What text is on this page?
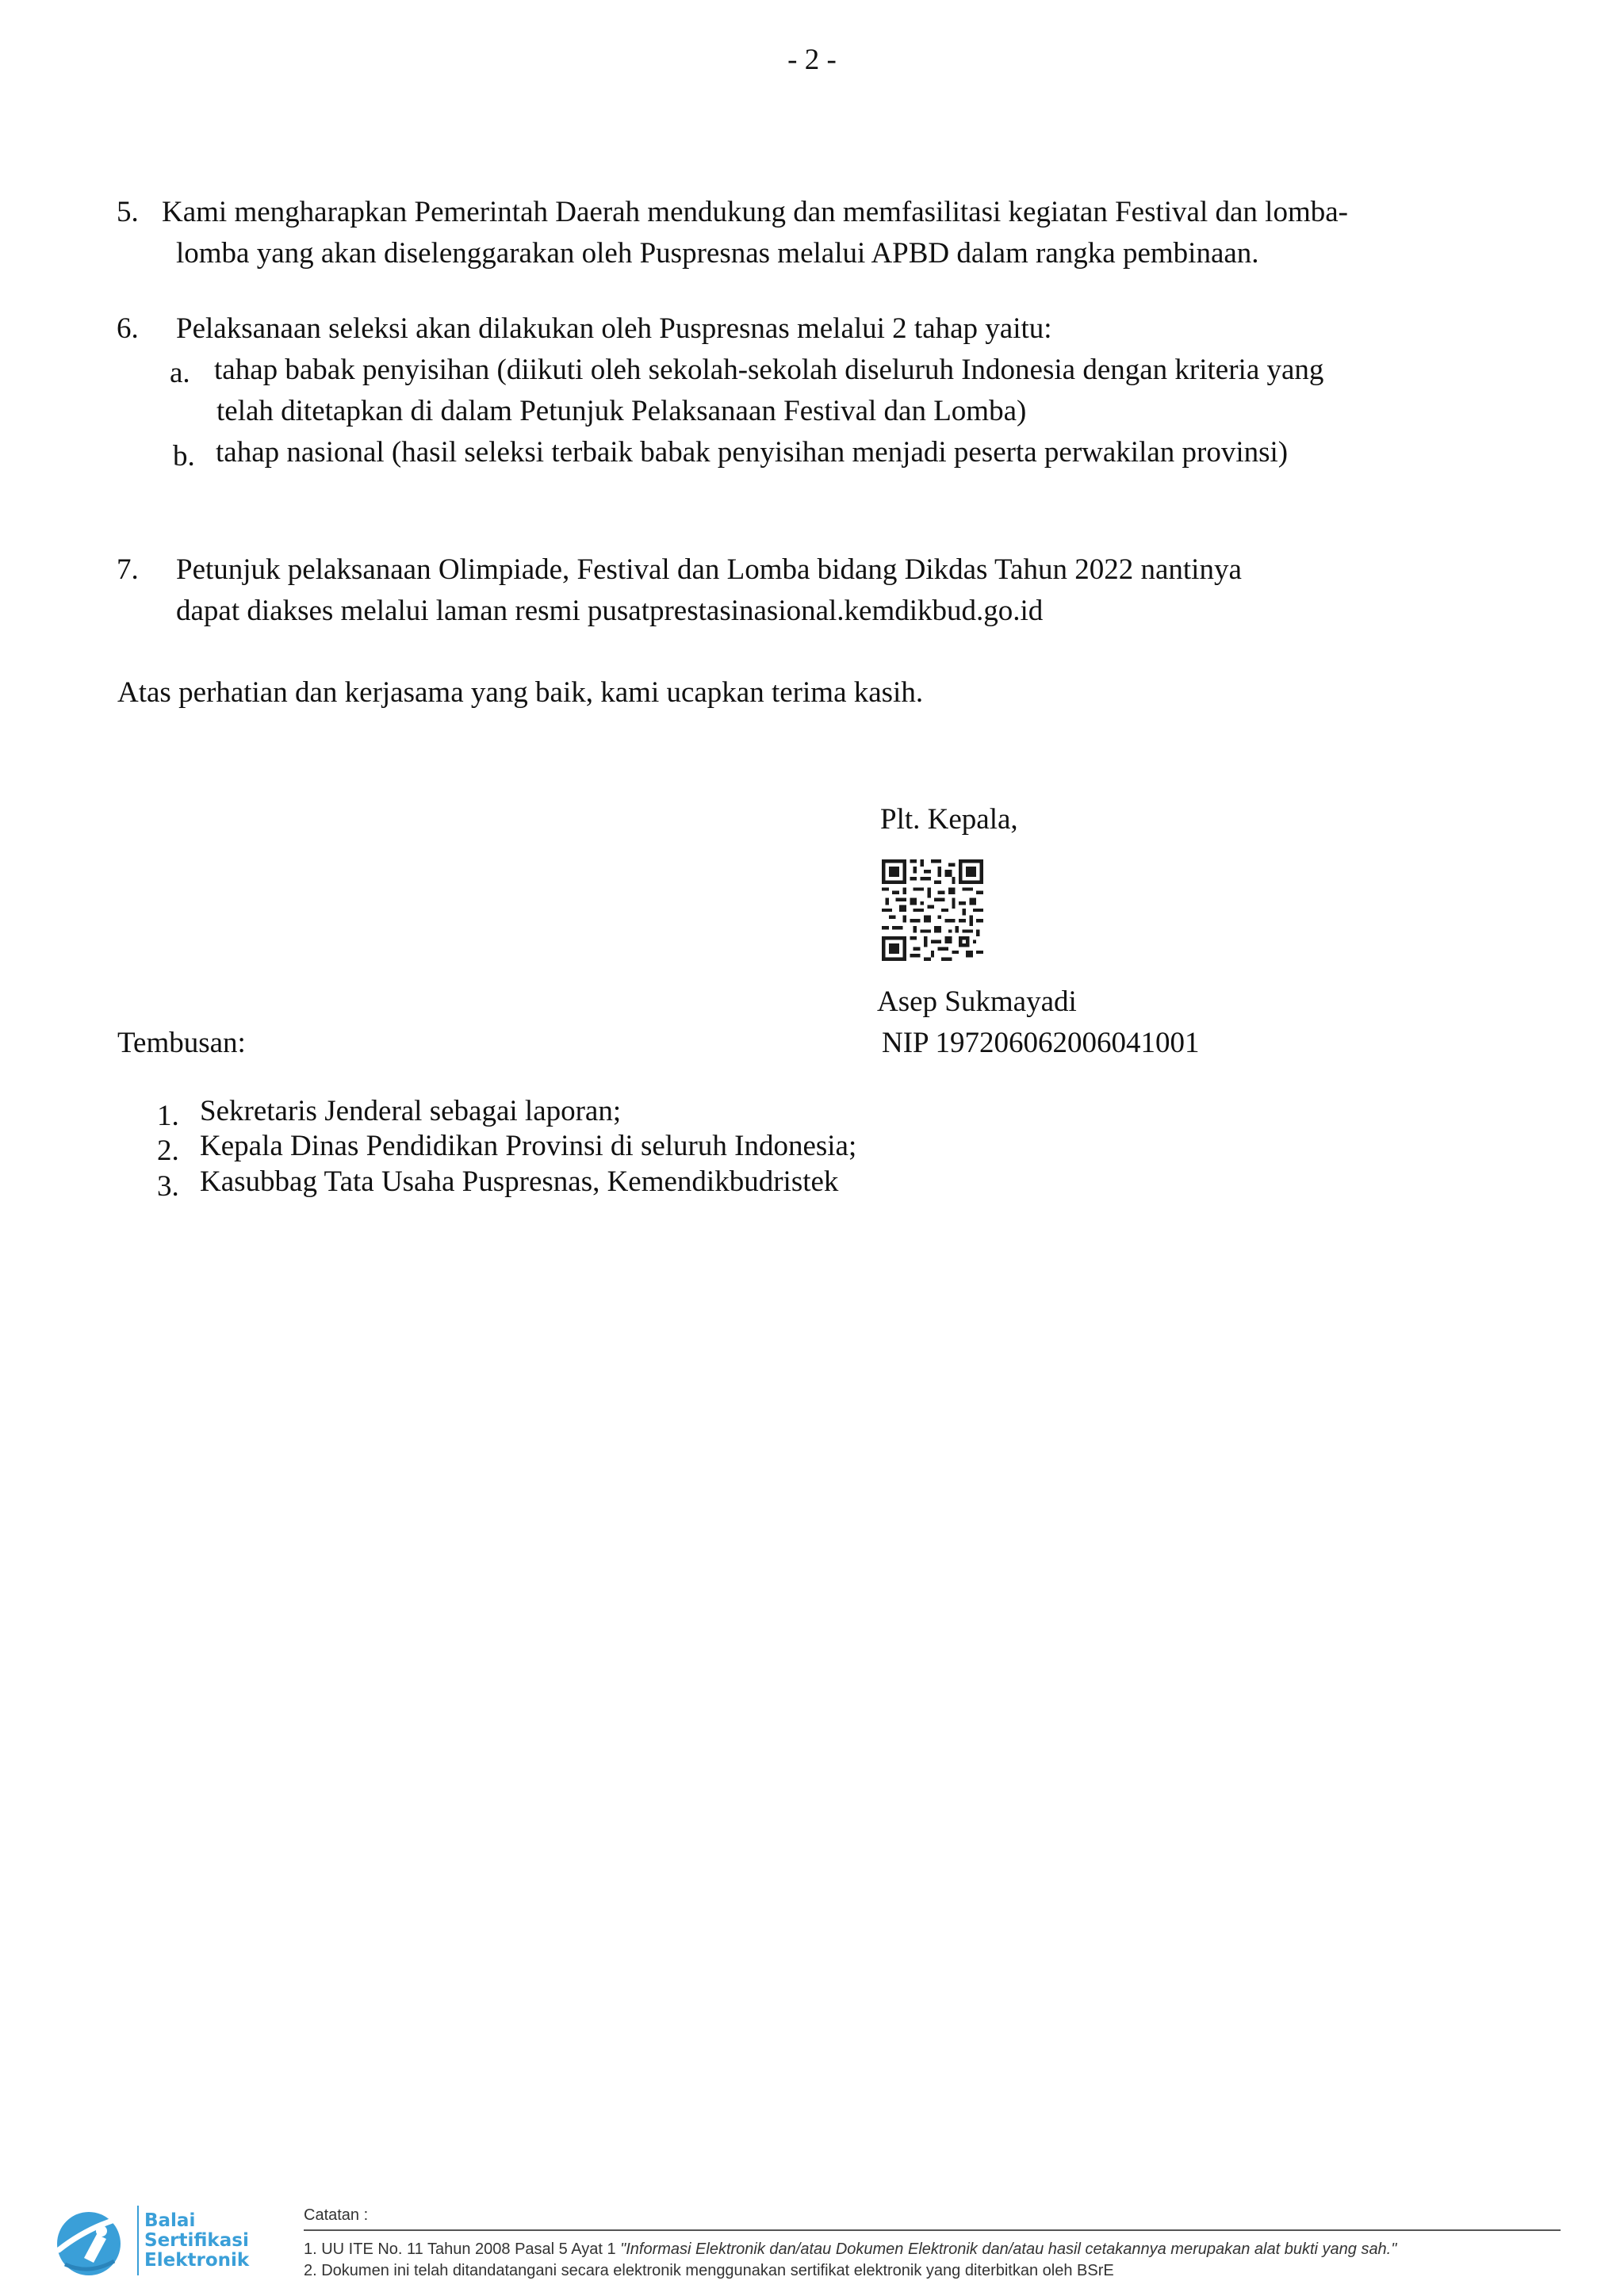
- 2 -
5. Kami mengharapkan Pemerintah Daerah mendukung dan memfasilitasi kegiatan Festival dan lomba-
lomba yang akan diselenggarakan oleh Puspresnas melalui APBD dalam rangka pembinaan.
6. Pelaksanaan seleksi akan dilakukan oleh Puspresnas melalui 2 tahap yaitu:
a. tahap babak penyisihan (diikuti oleh sekolah-sekolah diseluruh Indonesia dengan kriteria yang
telah ditetapkan di dalam Petunjuk Pelaksanaan Festival dan Lomba)
b. tahap nasional (hasil seleksi terbaik babak penyisihan menjadi peserta perwakilan provinsi)
7. Petunjuk pelaksanaan Olimpiade, Festival dan Lomba bidang Dikdas Tahun 2022 nantinya
dapat diakses melalui laman resmi pusatprestasinasional.kemdikbud.go.id
Atas perhatian dan kerjasama yang baik, kami ucapkan terima kasih.
Plt. Kepala,
Asep Sukmayadi
NIP 197206062006041001
Tembusan:
1. Sekretaris Jenderal sebagai laporan;
2. Kepala Dinas Pendidikan Provinsi di seluruh Indonesia;
3. Kasubbag Tata Usaha Puspresnas, Kemendikbudristek
Balai
Sertifikasi
Elektronik
Catatan :
1. UU ITE No. 11 Tahun 2008 Pasal 5 Ayat 1 "Informasi Elektronik dan/atau Dokumen Elektronik dan/atau hasil cetakannya merupakan alat bukti yang sah."
2. Dokumen ini telah ditandatangani secara elektronik menggunakan sertifikat elektronik yang diterbitkan oleh BSrE
